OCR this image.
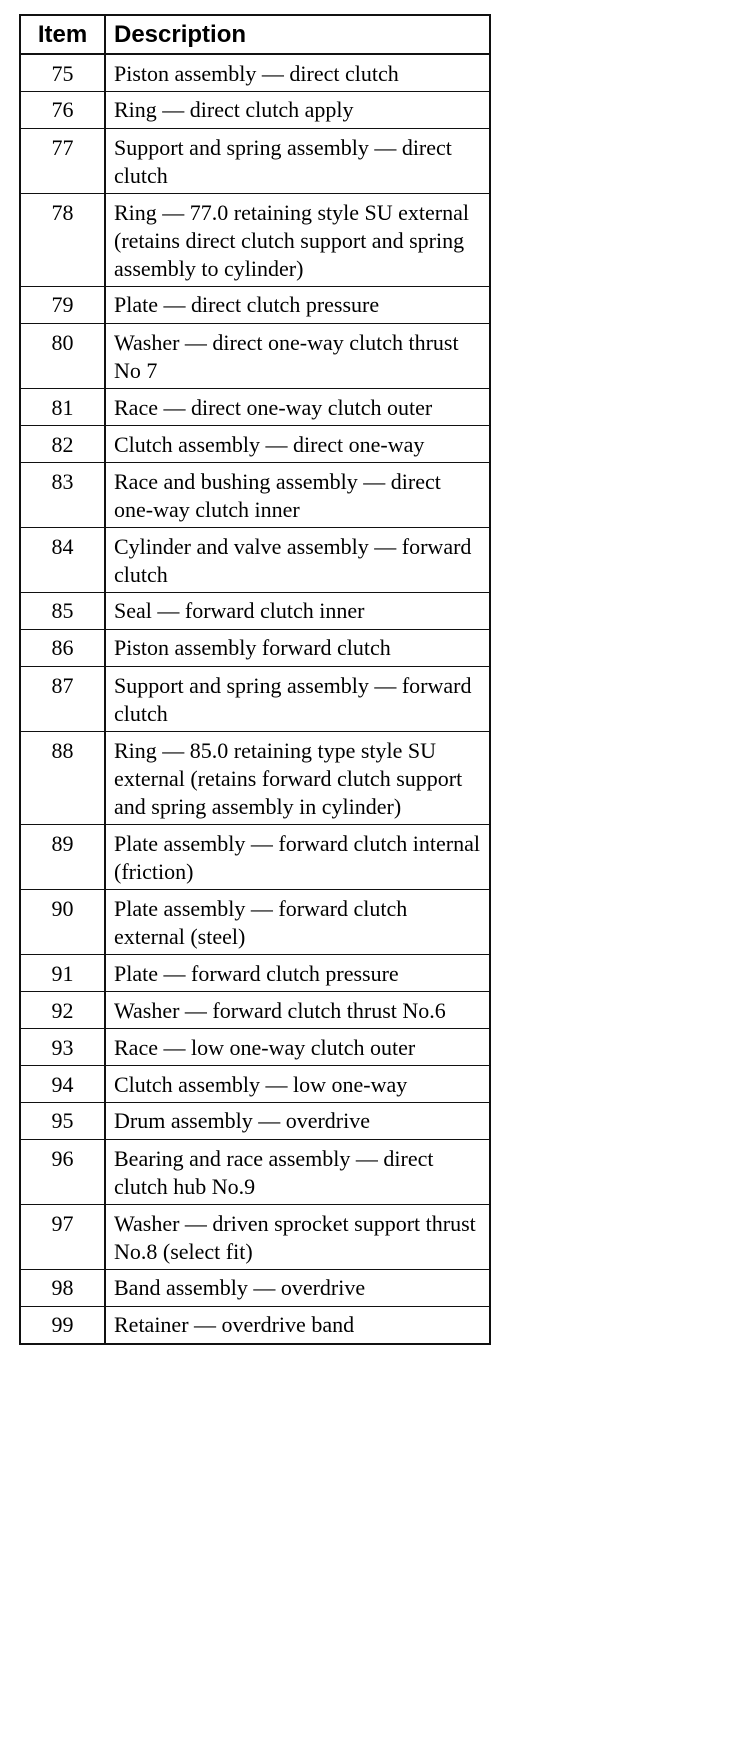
Item	Description
75	Piston assembly — direct clutch
76	Ring — direct clutch apply
77	Support and spring assembly — direct clutch
78	Ring — 77.0 retaining style SU external (retains direct clutch support and spring assembly to cylinder)
79	Plate — direct clutch pressure
80	Washer — direct one-way clutch thrust No 7
81	Race — direct one-way clutch outer
82	Clutch assembly — direct one-way
83	Race and bushing assembly — direct one-way clutch inner
84	Cylinder and valve assembly — forward clutch
85	Seal — forward clutch inner
86	Piston assembly forward clutch
87	Support and spring assembly — forward clutch
88	Ring — 85.0 retaining type style SU external (retains forward clutch support and spring assembly in cylinder)
89	Plate assembly — forward clutch internal (friction)
90	Plate assembly — forward clutch external (steel)
91	Plate — forward clutch pressure
92	Washer — forward clutch thrust No.6
93	Race — low one-way clutch outer
94	Clutch assembly — low one-way
95	Drum assembly — overdrive
96	Bearing and race assembly — direct clutch hub No.9
97	Washer — driven sprocket support thrust No.8 (select fit)
98	Band assembly — overdrive
99	Retainer — overdrive band
